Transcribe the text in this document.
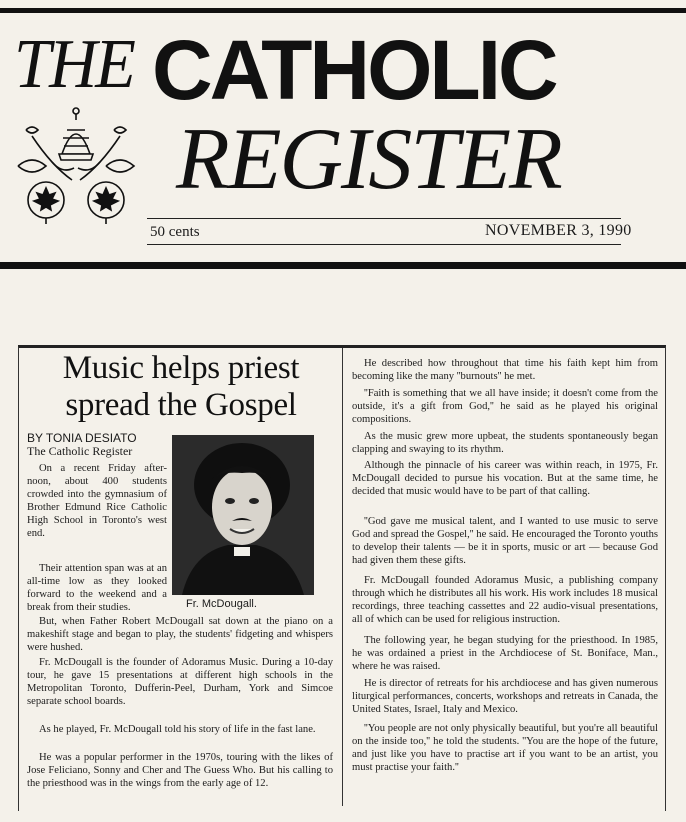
THE CATHOLIC
REGISTER
50 cents	NOVEMBER 3, 1990
Music helps priest
spread the Gospel
BY TONIA DESIATO
The Catholic Register
Fr. McDougall.

On a recent Friday after-noon, about 400 students crowded into the gymnasium of Brother Edmund Rice Catholic High School in Toronto's west end.

Their attention span was at an all-time low as they looked forward to the weekend and a break from their studies.

But, when Father Robert McDougall sat down at the piano on a makeshift stage and began to play, the students' fidgeting and whispers were hushed.

Fr. McDougall is the founder of Adoramus Music. During a 10-day tour, he gave 15 presentations at different high schools in the Metropolitan Toronto, Dufferin-Peel, Durham, York and Simcoe separate school boards.

As he played, Fr. McDougall told his story of life in the fast lane.

He was a popular performer in the 1970s, touring with the likes of Jose Feliciano, Sonny and Cher and The Guess Who. But his calling to the priesthood was in the wings from the early age of 12.

He described how throughout that time his faith kept him from becoming like the many ''burnouts'' he met.

''Faith is something that we all have inside; it doesn't come from the outside, it's a gift from God,'' he said as he played his original compositions.

As the music grew more upbeat, the students spontaneously began clapping and swaying to its rhythm.

Although the pinnacle of his career was within reach, in 1975, Fr. McDougall decided to pursue his vocation. But at the same time, he decided that music would have to be part of that calling.

''God gave me musical talent, and I wanted to use music to serve God and spread the Gospel,'' he said. He encouraged the Toronto youths to develop their talents — be it in sports, music or art — because God had given them these gifts.

Fr. McDougall founded Adoramus Music, a publishing company through which he distributes all his work. His work includes 18 musical recordings, three teaching cassettes and 22 audio-visual presentations, all of which can be used for religious instruction.

The following year, he began studying for the priesthood. In 1985, he was ordained a priest in the Archdiocese of St. Boniface, Man., where he was raised.

He is director of retreats for his archdiocese and has given numerous liturgical performances, concerts, workshops and retreats in Canada, the United States, Israel, Italy and Mexico.

''You people are not only physically beautiful, but you're all beautiful on the inside too,'' he told the students. ''You are the hope of the future, and just like you have to practise art if you want to be an artist, you must practise your faith.''
